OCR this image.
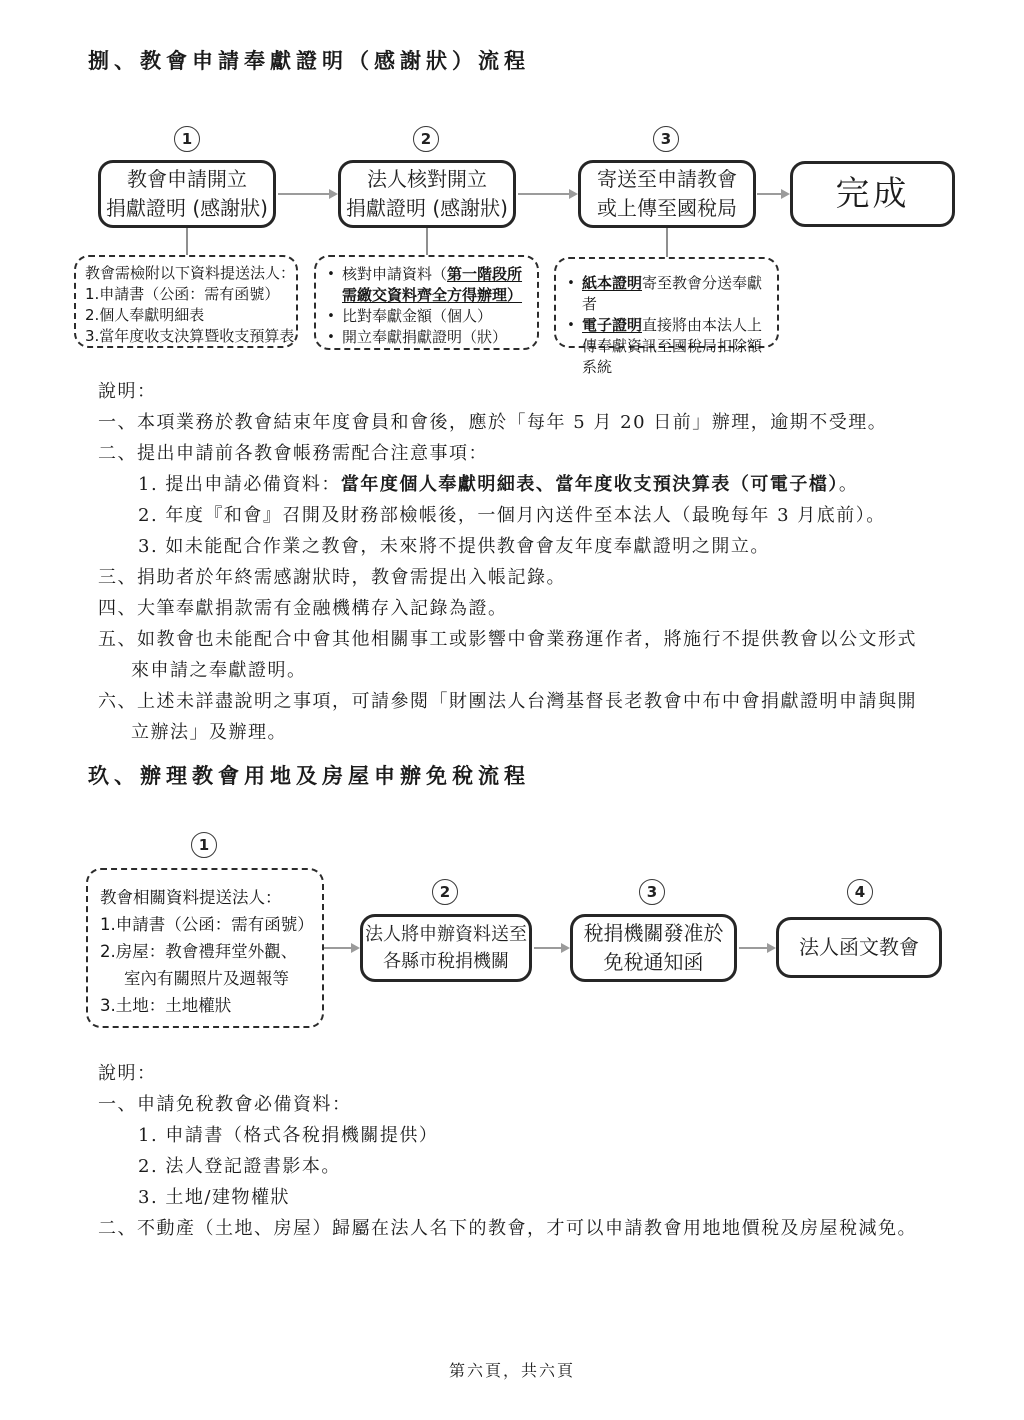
捌、教會申請奉獻證明（感謝狀）流程
1	2	3
教會申請開立
捐獻證明 (感謝狀)
法人核對開立
捐獻證明 (感謝狀)
寄送至申請教會
或上傳至國稅局	完成
教會需檢附以下資料提送法人：
1.申請書（公函：需有函號）
2.個人奉獻明細表
3.當年度收支決算暨收支預算表
• 核對申請資料（第一階段所需繳交資料齊全方得辦理）
• 比對奉獻金額（個人）
• 開立奉獻捐獻證明（狀）
• 紙本證明寄至教會分送奉獻者
• 電子證明直接將由本法人上傳奉獻資訊至國稅局扣除額系統
說明：
一、本項業務於教會結束年度會員和會後，應於「每年 5 月 20 日前」辦理，逾期不受理。
二、提出申請前各教會帳務需配合注意事項：
1. 提出申請必備資料：當年度個人奉獻明細表、當年度收支預決算表（可電子檔）。
2. 年度『和會』召開及財務部檢帳後，一個月內送件至本法人（最晚每年 3 月底前）。
3. 如未能配合作業之教會，未來將不提供教會會友年度奉獻證明之開立。
三、捐助者於年終需感謝狀時，教會需提出入帳記錄。
四、大筆奉獻捐款需有金融機構存入記錄為證。
五、如教會也未能配合中會其他相關事工或影響中會業務運作者，將施行不提供教會以公文形式來申請之奉獻證明。
六、上述未詳盡說明之事項，可請參閱「財團法人台灣基督長老教會中布中會捐獻證明申請與開立辦法」及辦理。
玖、辦理教會用地及房屋申辦免稅流程
1
2	3	4
教會相關資料提送法人：
1.申請書（公函：需有函號）
2.房屋：教會禮拜堂外觀、
室內有關照片及週報等
3.土地：土地權狀
法人將申辦資料送至
各縣市稅捐機關
稅捐機關發准於
免稅通知函
法人函文教會
說明：
一、申請免稅教會必備資料：
1. 申請書（格式各稅捐機關提供）
2. 法人登記證書影本。
3. 土地/建物權狀
二、不動產（土地、房屋）歸屬在法人名下的教會，才可以申請教會用地地價稅及房屋稅減免。
第六頁，共六頁
